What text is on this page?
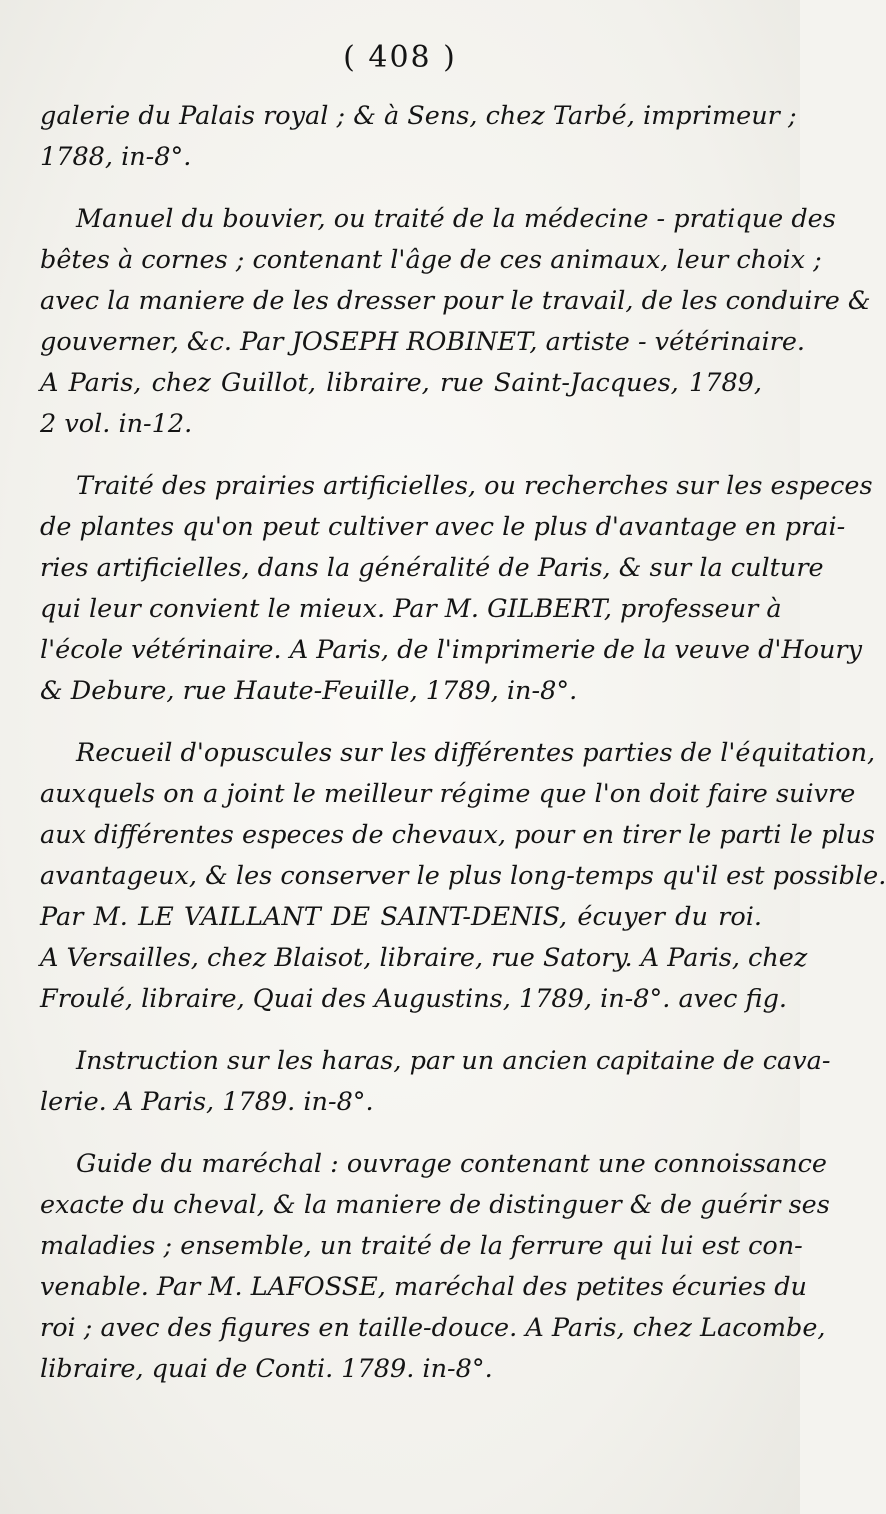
( 408 )
galerie du Palais royal ; & à Sens, chez Tarbé, imprimeur ;
1788, in-8°.
Manuel du bouvier, ou traité de la médecine - pratique des
bêtes à cornes ; contenant l'âge de ces animaux, leur choix ;
avec la maniere de les dresser pour le travail, de les conduire &
gouverner, &c. Par JOSEPH ROBINET, artiste - vétérinaire.
A Paris, chez Guillot, libraire, rue Saint-Jacques, 1789,
2 vol. in-12.
Traité des prairies artificielles, ou recherches sur les especes
de plantes qu'on peut cultiver avec le plus d'avantage en prai-
ries artificielles, dans la généralité de Paris, & sur la culture
qui leur convient le mieux. Par M. GILBERT, professeur à
l'école vétérinaire. A Paris, de l'imprimerie de la veuve d'Houry
& Debure, rue Haute-Feuille, 1789, in-8°.
Recueil d'opuscules sur les différentes parties de l'équitation,
auxquels on a joint le meilleur régime que l'on doit faire suivre
aux différentes especes de chevaux, pour en tirer le parti le plus
avantageux, & les conserver le plus long-temps qu'il est possible.
Par M. LE VAILLANT DE SAINT-DENIS, écuyer du roi.
A Versailles, chez Blaisot, libraire, rue Satory. A Paris, chez
Froulé, libraire, Quai des Augustins, 1789, in-8°. avec fig.
Instruction sur les haras, par un ancien capitaine de cava-
lerie. A Paris, 1789. in-8°.
Guide du maréchal : ouvrage contenant une connoissance
exacte du cheval, & la maniere de distinguer & de guérir ses
maladies ; ensemble, un traité de la ferrure qui lui est con-
venable. Par M. LAFOSSE, maréchal des petites écuries du
roi ; avec des figures en taille-douce. A Paris, chez Lacombe,
libraire, quai de Conti. 1789. in-8°.
